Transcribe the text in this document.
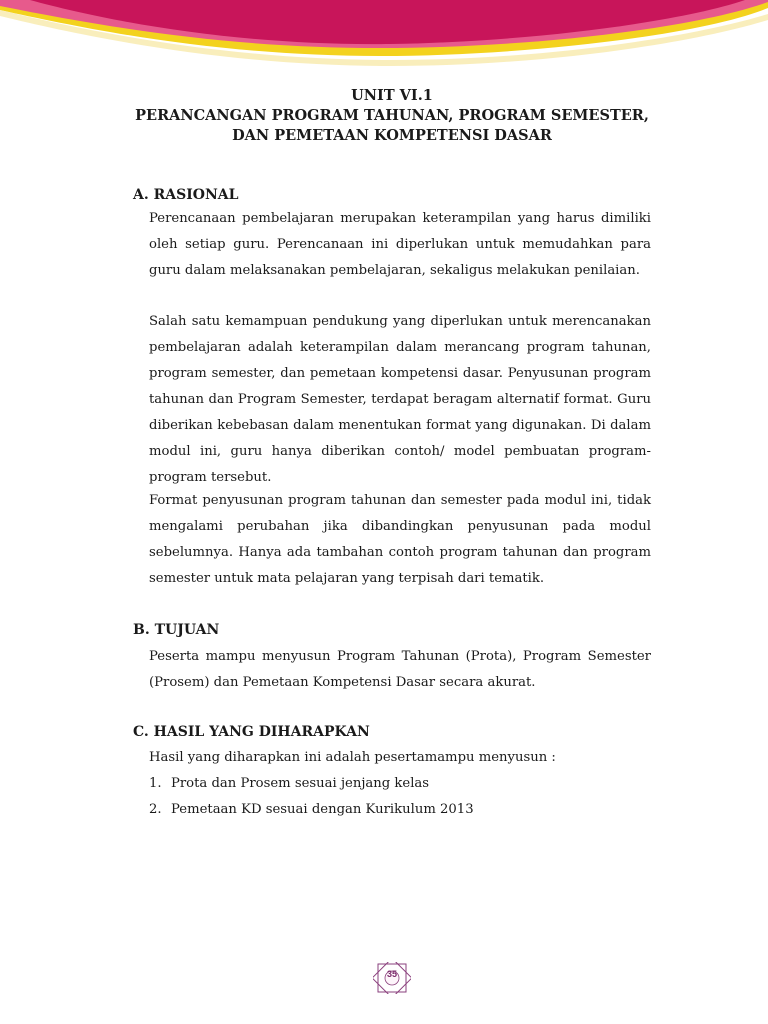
UNIT VI.1
PERANCANGAN PROGRAM TAHUNAN, PROGRAM SEMESTER,
DAN PEMETAAN KOMPETENSI DASAR
A. RASIONAL

Perencanaan pembelajaran merupakan keterampilan yang harus dimiliki oleh setiap guru. Perencanaan ini diperlukan untuk memudahkan para guru dalam melaksanakan pembelajaran, sekaligus melakukan penilaian.

Salah satu kemampuan pendukung yang diperlukan untuk merencanakan pembelajaran adalah keterampilan dalam merancang program tahunan, program semester, dan pemetaan kompetensi dasar. Penyusunan program tahunan dan Program Semester, terdapat beragam alternatif format. Guru diberikan kebebasan dalam menentukan format yang digunakan. Di dalam modul ini, guru hanya diberikan contoh/ model pembuatan program-program tersebut.

Format penyusunan program tahunan dan semester pada modul ini, tidak mengalami perubahan jika dibandingkan penyusunan pada modul sebelumnya. Hanya ada tambahan contoh program tahunan dan program semester untuk mata pelajaran yang terpisah dari tematik.

B. TUJUAN

Peserta mampu menyusun Program Tahunan (Prota), Program Semester (Prosem) dan Pemetaan Kompetensi Dasar secara akurat.

C. HASIL YANG DIHARAPKAN

Hasil yang diharapkan ini adalah pesertamampu menyusun :

1. Prota dan Prosem sesuai jenjang kelas
2. Pemetaan KD sesuai dengan Kurikulum 2013
35
